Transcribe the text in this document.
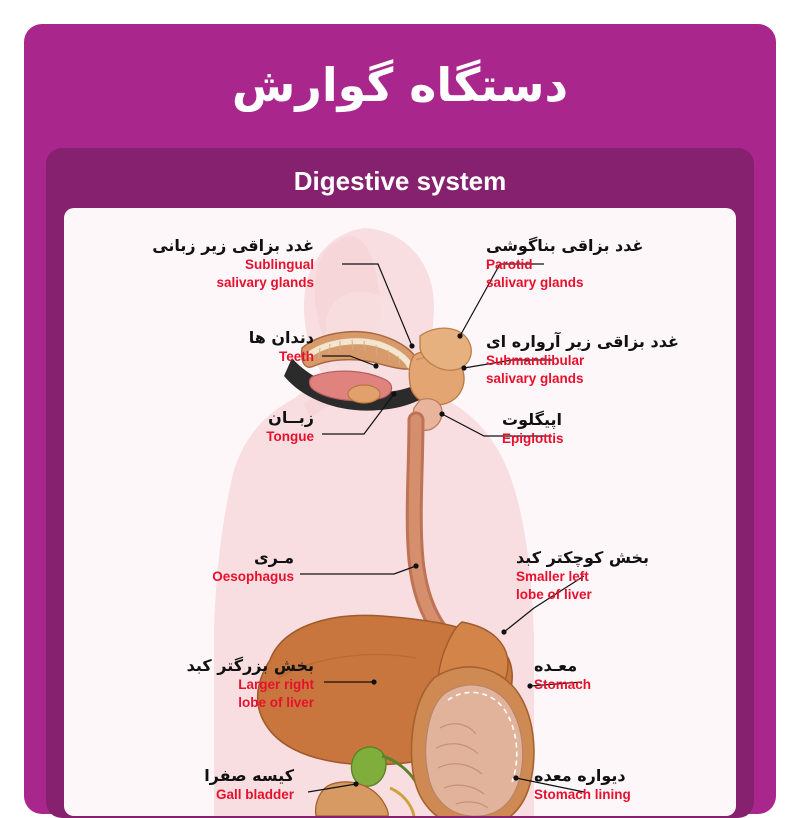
دستگاه گوارش
Digestive system
غدد بزاقی زیر زبانی
Sublingual
salivary glands
دندان ها
Teeth
زبــان
Tongue
مـری
Oesophagus
بخش بزرگتر کبد
Larger right
lobe of liver
کیسه صفرا
Gall bladder
غدد بزاقی بناگوشی
Parotid
salivary glands
غدد بزاقی زیر آرواره ای
Submandibular
salivary glands
اپیگلوت
Epiglottis
بخش کوچکتر کبد
Smaller left
lobe of liver
معـده
Stomach
دیواره معده
Stomach lining
